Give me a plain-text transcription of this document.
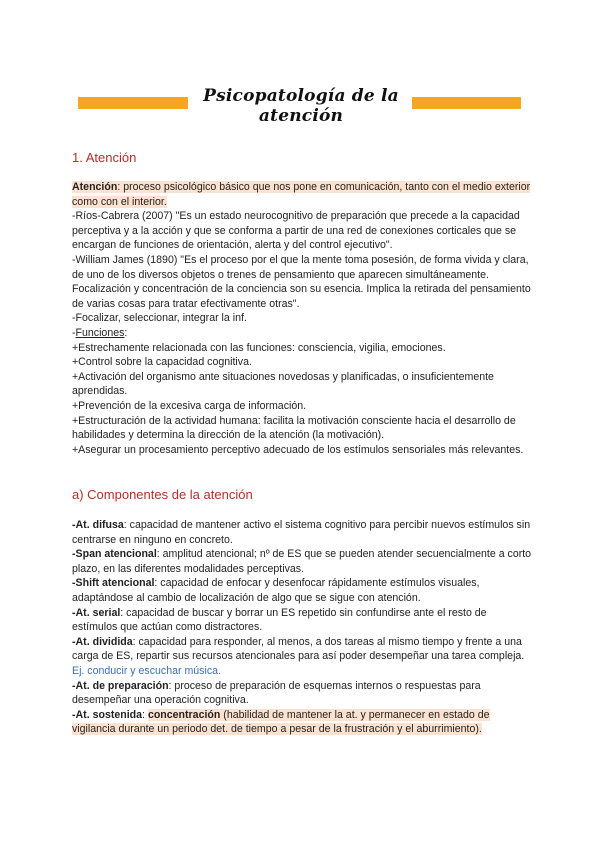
Psicopatología de la atención
1. Atención

Atención: proceso psicológico básico que nos pone en comunicación, tanto con el medio exterior como con el interior.

-Ríos-Cabrera (2007) "Es un estado neurocognitivo de preparación que precede a la capacidad perceptiva y a la acción y que se conforma a partir de una red de conexiones corticales que se encargan de funciones de orientación, alerta y del control ejecutivo".

-William James (1890) "Es el proceso por el que la mente toma posesión, de forma vivida y clara, de uno de los diversos objetos o trenes de pensamiento que aparecen simultáneamente. Focalización y concentración de la conciencia son su esencia. Implica la retirada del pensamiento de varias cosas para tratar efectivamente otras".

-Focalizar, seleccionar, integrar la inf.

-Funciones:

+Estrechamente relacionada con las funciones: consciencia, vigilia, emociones.

+Control sobre la capacidad cognitiva.

+Activación del organismo ante situaciones novedosas y planificadas, o insuficientemente aprendidas.

+Prevención de la excesiva carga de información.

+Estructuración de la actividad humana: facilita la motivación consciente hacia el desarrollo de habilidades y determina la dirección de la atención (la motivación).

+Asegurar un procesamiento perceptivo adecuado de los estímulos sensoriales más relevantes.

a) Componentes de la atención

-At. difusa: capacidad de mantener activo el sistema cognitivo para percibir nuevos estímulos sin centrarse en ninguno en concreto.

-Span atencional: amplitud atencional; nº de ES que se pueden atender secuencialmente a corto plazo, en las diferentes modalidades perceptivas.

-Shift atencional: capacidad de enfocar y desenfocar rápidamente estímulos visuales, adaptándose al cambio de localización de algo que se sigue con atención.

-At. serial: capacidad de buscar y borrar un ES repetido sin confundirse ante el resto de estímulos que actúan como distractores.

-At. dividida: capacidad para responder, al menos, a dos tareas al mismo tiempo y frente a una carga de ES, repartir sus recursos atencionales para así poder desempeñar una tarea compleja.

Ej. conducir y escuchar música.

-At. de preparación: proceso de preparación de esquemas internos o respuestas para desempeñar una operación cognitiva.

-At. sostenida: concentración (habilidad de mantener la at. y permanecer en estado de vigilancia durante un periodo det. de tiempo a pesar de la frustración y el aburrimiento).
